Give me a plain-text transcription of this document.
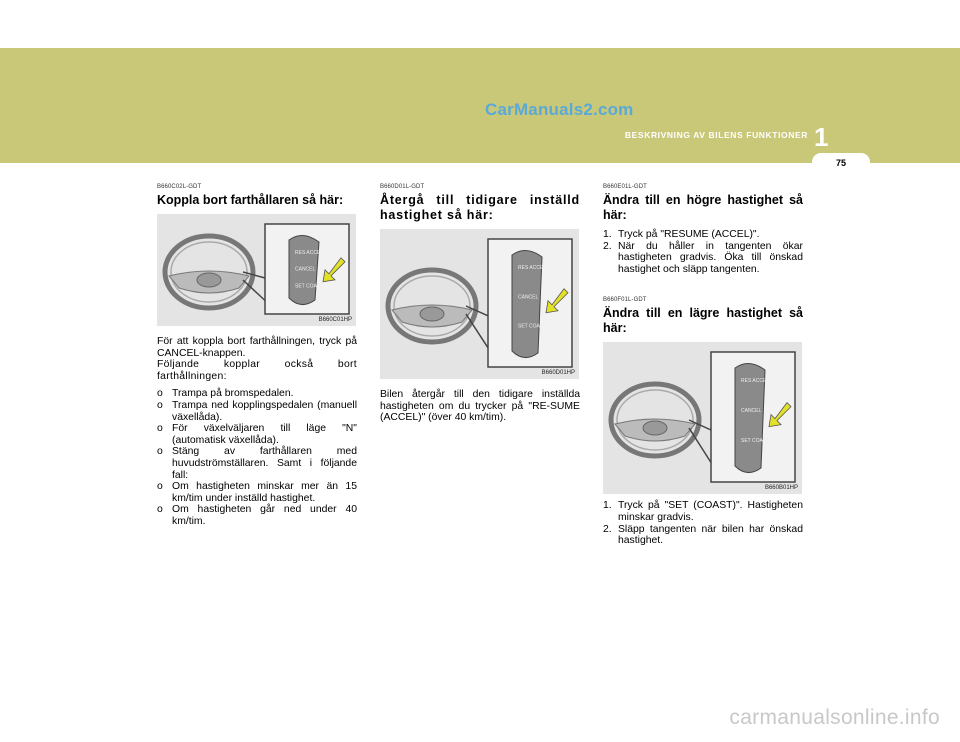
CarManuals2.com
BESKRIVNING AV BILENS FUNKTIONER 1
75
B660C02L-GDT
Koppla bort farthållaren så här:
RES ACCEL
CANCEL
SET COAST
B660C01HP

För att koppla bort farthållningen, tryck på CANCEL-knappen.

Följande kopplar också bort farthållningen:

o Trampa på bromspedalen.
o Trampa ned kopplingspedalen (manuell växellåda).
o För växelväljaren till läge "N" (automatisk växellåda).
o Stäng av farthållaren med huvudströmställaren. Samt i följande fall:
o Om hastigheten minskar mer än 15 km/tim under inställd hastighet.
o Om hastigheten går ned under 40 km/tim.
B660D01L-GDT
Återgå till tidigare inställd hastighet så här:
RES ACCEL
CANCEL
SET COAST
B660D01HP

Bilen återgår till den tidigare inställda hastigheten om du trycker på "RE-SUME (ACCEL)" (över 40 km/tim).

B660E01L-GDT
Ändra till en högre hastighet så här:
1. Tryck på "RESUME (ACCEL)".
2. När du håller in tangenten ökar hastigheten gradvis. Öka till önskad hastighet och släpp tangenten.
B660F01L-GDT
Ändra till en lägre hastighet så här:
RES ACCEL
CANCEL
SET COAST
B660B01HP
1. Tryck på "SET (COAST)". Hastigheten minskar gradvis.
2. Släpp tangenten när bilen har önskad hastighet.
carmanualsonline.info
